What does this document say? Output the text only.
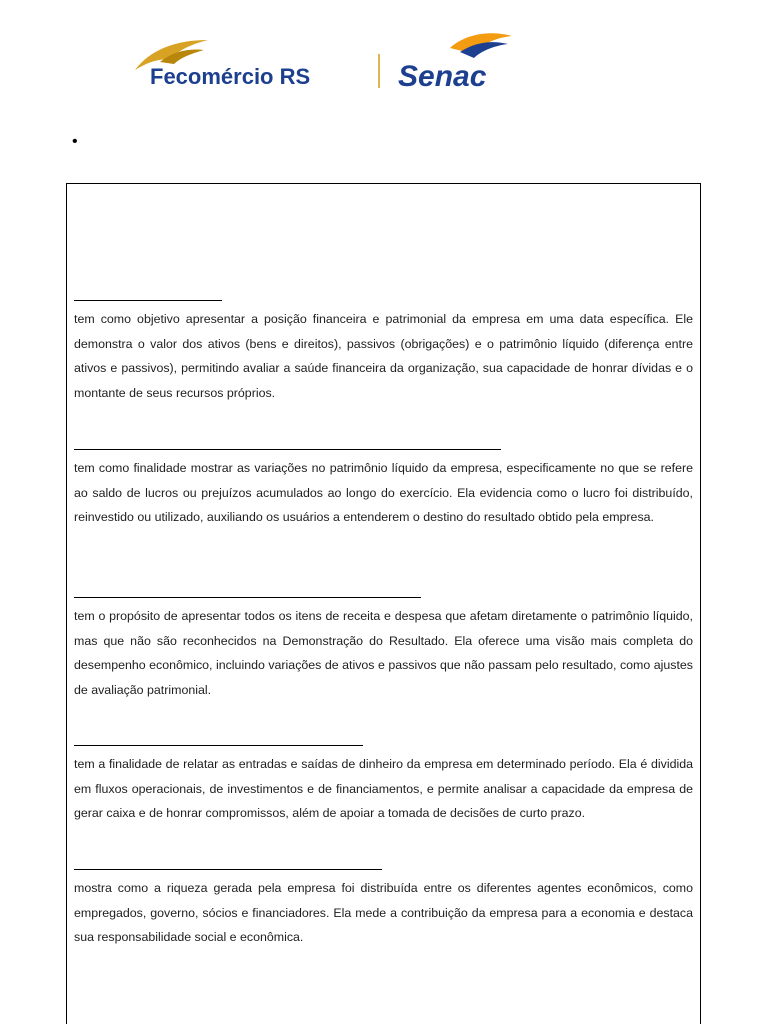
Fecomércio RS	Senac
•

tem como objetivo apresentar a posição financeira e patrimonial da empresa em uma data específica. Ele demonstra o valor dos ativos (bens e direitos), passivos (obrigações) e o patrimônio líquido (diferença entre ativos e passivos), permitindo avaliar a saúde financeira da organização, sua capacidade de honrar dívidas e o montante de seus recursos próprios.

tem como finalidade mostrar as variações no patrimônio líquido da empresa, especificamente no que se refere ao saldo de lucros ou prejuízos acumulados ao longo do exercício. Ela evidencia como o lucro foi distribuído, reinvestido ou utilizado, auxiliando os usuários a entenderem o destino do resultado obtido pela empresa.

tem o propósito de apresentar todos os itens de receita e despesa que afetam diretamente o patrimônio líquido, mas que não são reconhecidos na Demonstração do Resultado. Ela oferece uma visão mais completa do desempenho econômico, incluindo variações de ativos e passivos que não passam pelo resultado, como ajustes de avaliação patrimonial.

tem a finalidade de relatar as entradas e saídas de dinheiro da empresa em determinado período. Ela é dividida em fluxos operacionais, de investimentos e de financiamentos, e permite analisar a capacidade da empresa de gerar caixa e de honrar compromissos, além de apoiar a tomada de decisões de curto prazo.

mostra como a riqueza gerada pela empresa foi distribuída entre os diferentes agentes econômicos, como empregados, governo, sócios e financiadores. Ela mede a contribuição da empresa para a economia e destaca sua responsabilidade social e econômica.
